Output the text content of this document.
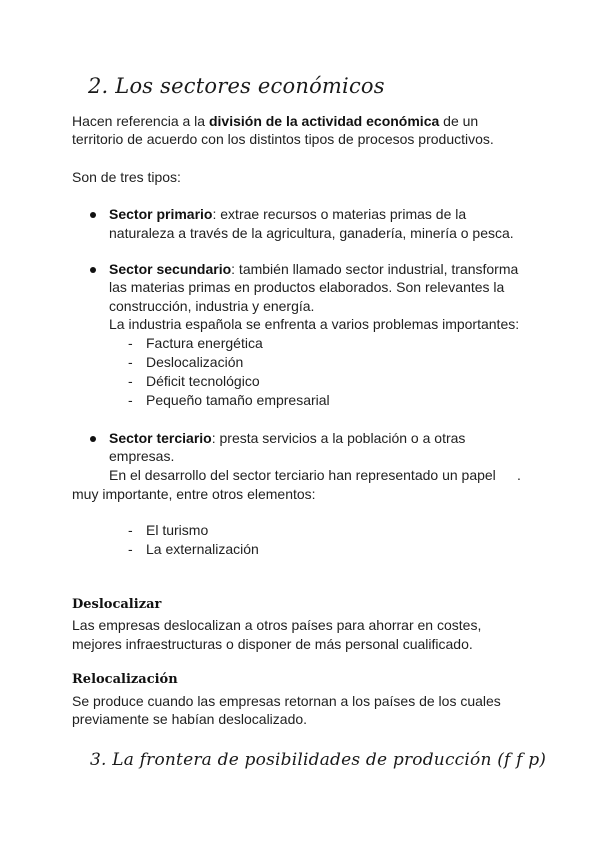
2. Los sectores económicos
Hacen referencia a la división de la actividad económica de un
territorio de acuerdo con los distintos tipos de procesos productivos.
Son de tres tipos:
Sector primario: extrae recursos o materias primas de la
naturaleza a través de la agricultura, ganadería, minería o pesca.
Sector secundario: también llamado sector industrial, transforma
las materias primas en productos elaborados. Son relevantes la
construcción, industria y energía.
La industria española se enfrenta a varios problemas importantes:
- Factura energética
- Deslocalización
- Déficit tecnológico
- Pequeño tamaño empresarial
Sector terciario: presta servicios a la población o a otras
empresas.
En el desarrollo del sector terciario han representado un papel .
muy importante, entre otros elementos:
- El turismo
- La externalización
Deslocalizar
Las empresas deslocalizan a otros países para ahorrar en costes,
mejores infraestructuras o disponer de más personal cualificado.
Relocalización
Se produce cuando las empresas retornan a los países de los cuales
previamente se habían deslocalizado.
3. La frontera de posibilidades de producción (f f p)
